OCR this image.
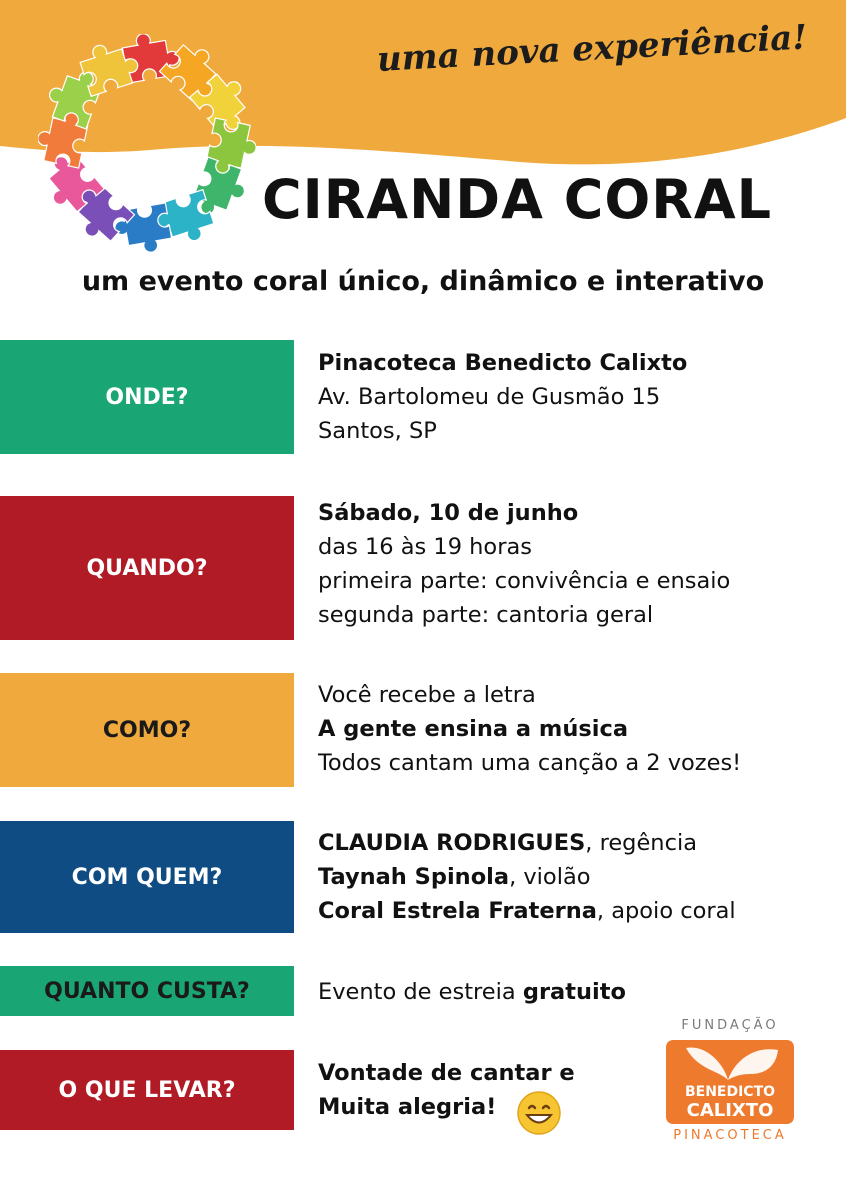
uma nova experiência!
CIRANDA CORAL
um evento coral único, dinâmico e interativo
ONDE?
Pinacoteca Benedicto Calixto
Av. Bartolomeu de Gusmão 15
Santos, SP
QUANDO?
Sábado, 10 de junho
das 16 às 19 horas
primeira parte: convivência e ensaio
segunda parte: cantoria geral
COMO?
Você recebe a letra
A gente ensina a música
Todos cantam uma canção a 2 vozes!
COM QUEM?
CLAUDIA RODRIGUES, regência
Taynah Spinola, violão
Coral Estrela Fraterna, apoio coral
QUANTO CUSTA?	Evento de estreia gratuito
O QUE LEVAR?
Vontade de cantar e
Muita alegria!
FUNDAÇÃO
BENEDICTO
CALIXTO
PINACOTECA
